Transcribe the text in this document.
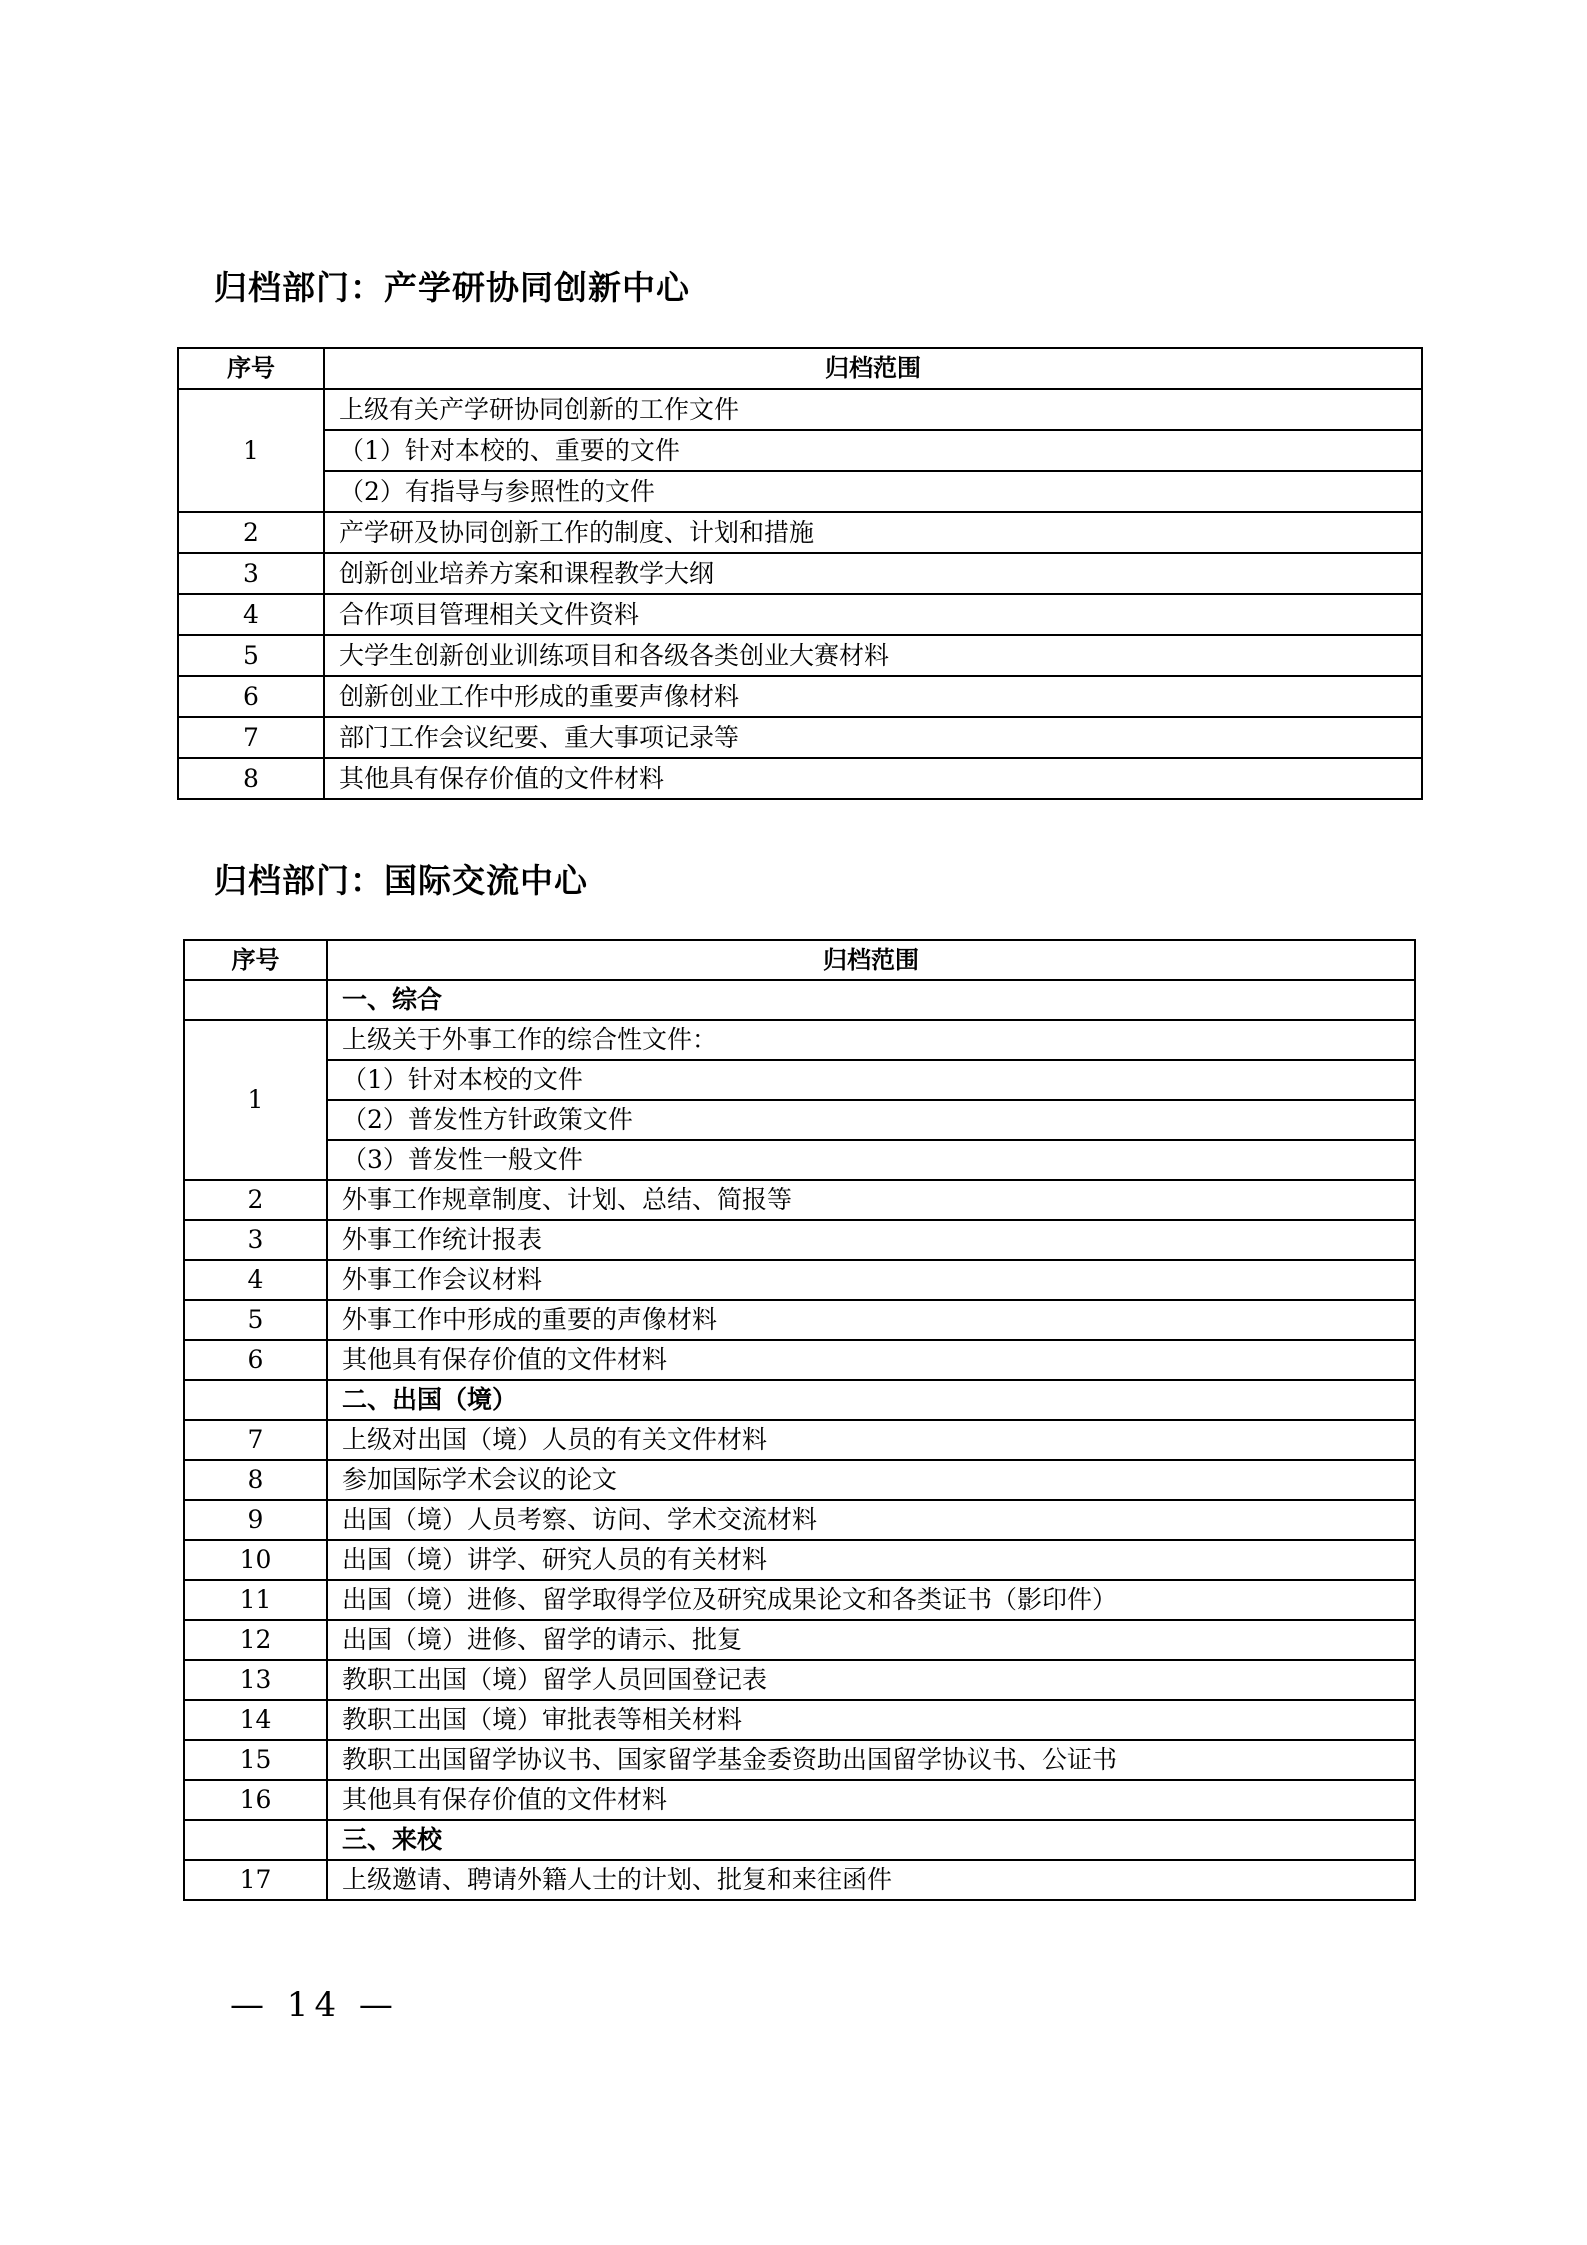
归档部门：产学研协同创新中心
序号	归档范围
1	上级有关产学研协同创新的工作文件
	（1）针对本校的、重要的文件
	（2）有指导与参照性的文件
2	产学研及协同创新工作的制度、计划和措施
3	创新创业培养方案和课程教学大纲
4	合作项目管理相关文件资料
5	大学生创新创业训练项目和各级各类创业大赛材料
6	创新创业工作中形成的重要声像材料
7	部门工作会议纪要、重大事项记录等
8	其他具有保存价值的文件材料
归档部门：国际交流中心
序号	归档范围
	一、综合
1	上级关于外事工作的综合性文件：
	（1）针对本校的文件
	（2）普发性方针政策文件
	（3）普发性一般文件
2	外事工作规章制度、计划、总结、简报等
3	外事工作统计报表
4	外事工作会议材料
5	外事工作中形成的重要的声像材料
6	其他具有保存价值的文件材料
	二、出国（境）
7	上级对出国（境）人员的有关文件材料
8	参加国际学术会议的论文
9	出国（境）人员考察、访问、学术交流材料
10	出国（境）讲学、研究人员的有关材料
11	出国（境）进修、留学取得学位及研究成果论文和各类证书（影印件）
12	出国（境）进修、留学的请示、批复
13	教职工出国（境）留学人员回国登记表
14	教职工出国（境）审批表等相关材料
15	教职工出国留学协议书、国家留学基金委资助出国留学协议书、公证书
16	其他具有保存价值的文件材料
	三、来校
17	上级邀请、聘请外籍人士的计划、批复和来往函件
— 14 —
